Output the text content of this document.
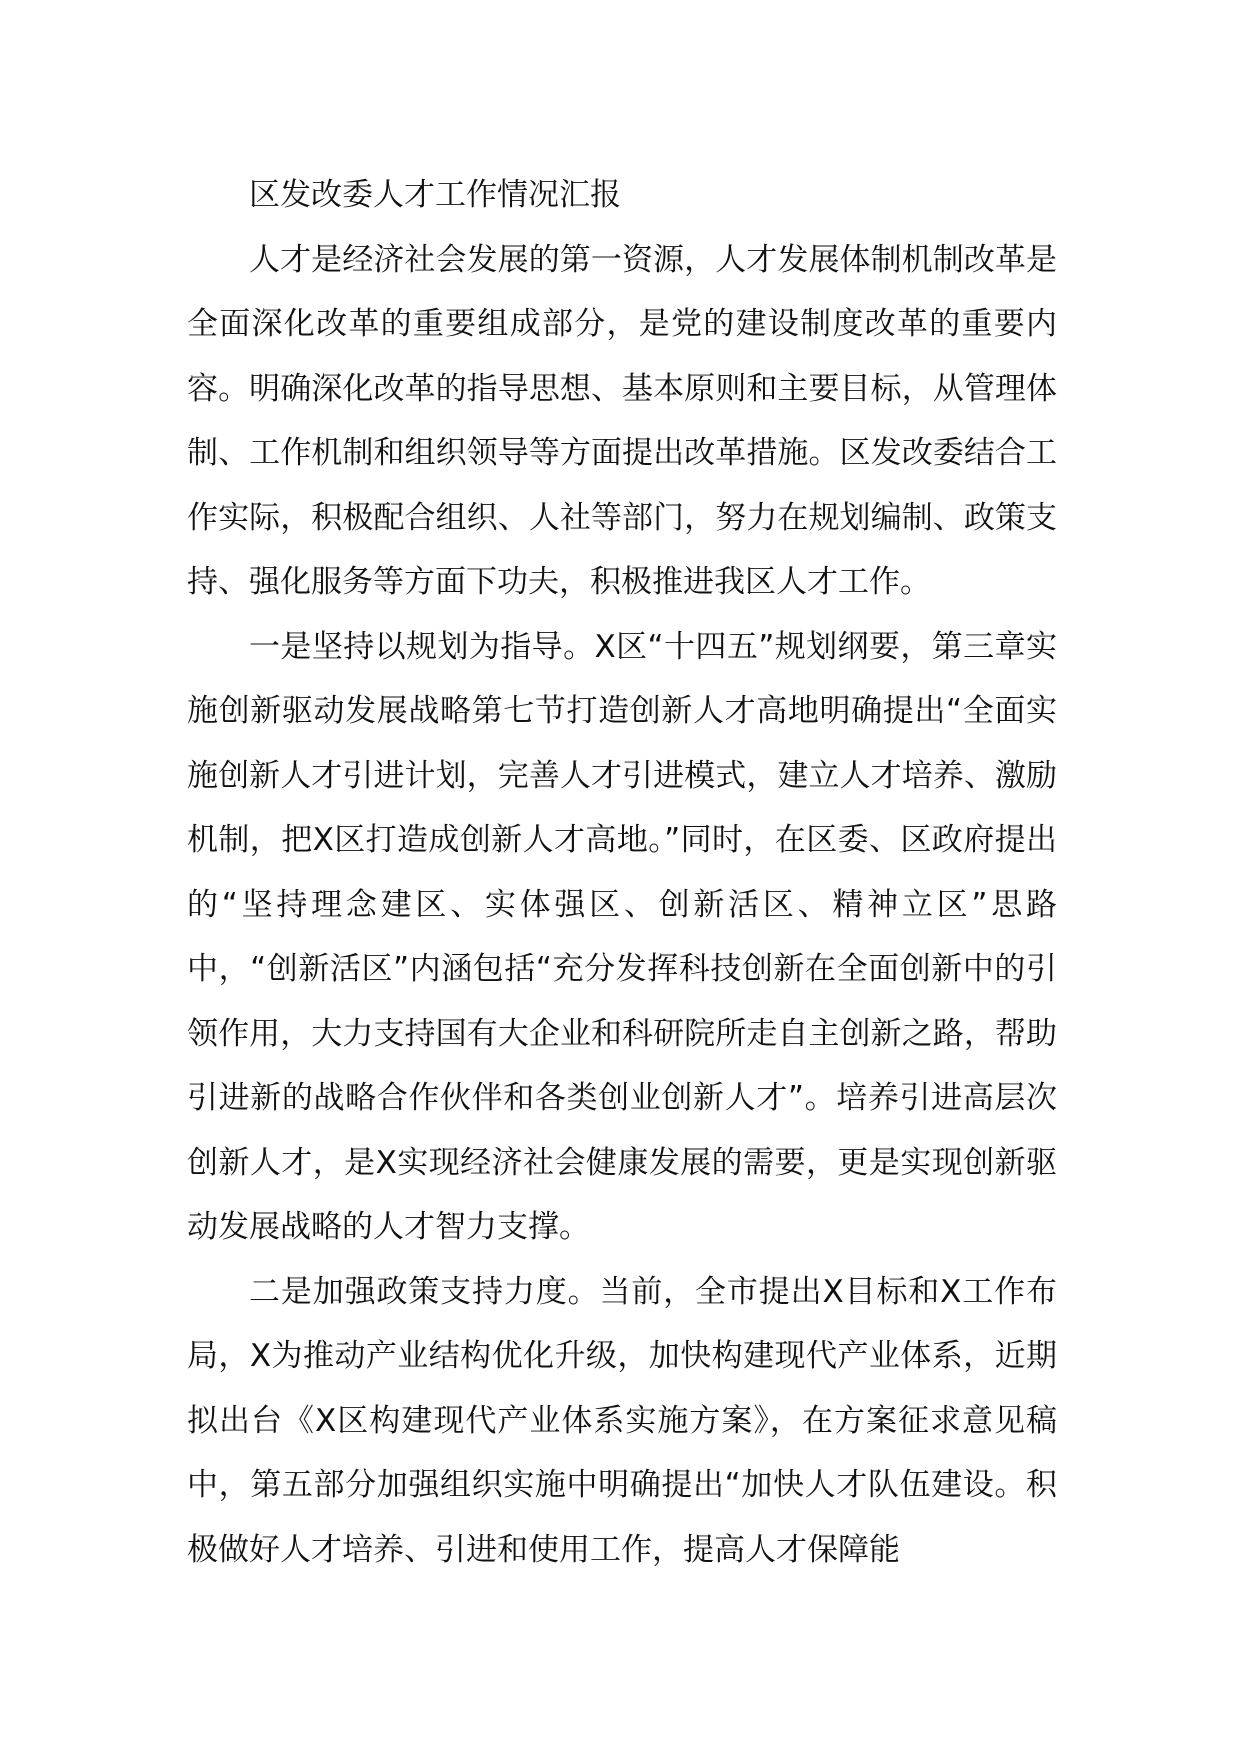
区发改委人才工作情况汇报

人才是经济社会发展的第一资源，人才发展体制机制改革是全面深化改革的重要组成部分，是党的建设制度改革的重要内容。明确深化改革的指导思想、基本原则和主要目标，从管理体制、工作机制和组织领导等方面提出改革措施。区发改委结合工作实际，积极配合组织、人社等部门，努力在规划编制、政策支持、强化服务等方面下功夫，积极推进我区人才工作。

一是坚持以规划为指导。X区“十四五”规划纲要，第三章实施创新驱动发展战略第七节打造创新人才高地明确提出“全面实施创新人才引进计划，完善人才引进模式，建立人才培养、激励机制，把X区打造成创新人才高地。”同时，在区委、区政府提出的“坚持理念建区、实体强区、创新活区、精神立区”思路中，“创新活区”内涵包括“充分发挥科技创新在全面创新中的引领作用，大力支持国有大企业和科研院所走自主创新之路，帮助引进新的战略合作伙伴和各类创业创新人才”。培养引进高层次创新人才，是X实现经济社会健康发展的需要，更是实现创新驱动发展战略的人才智力支撑。

二是加强政策支持力度。当前，全市提出X目标和X工作布局，X为推动产业结构优化升级，加快构建现代产业体系，近期拟出台《X区构建现代产业体系实施方案》，在方案征求意见稿中，第五部分加强组织实施中明确提出“加快人才队伍建设。积极做好人才培养、引进和使用工作，提高人才保障能
